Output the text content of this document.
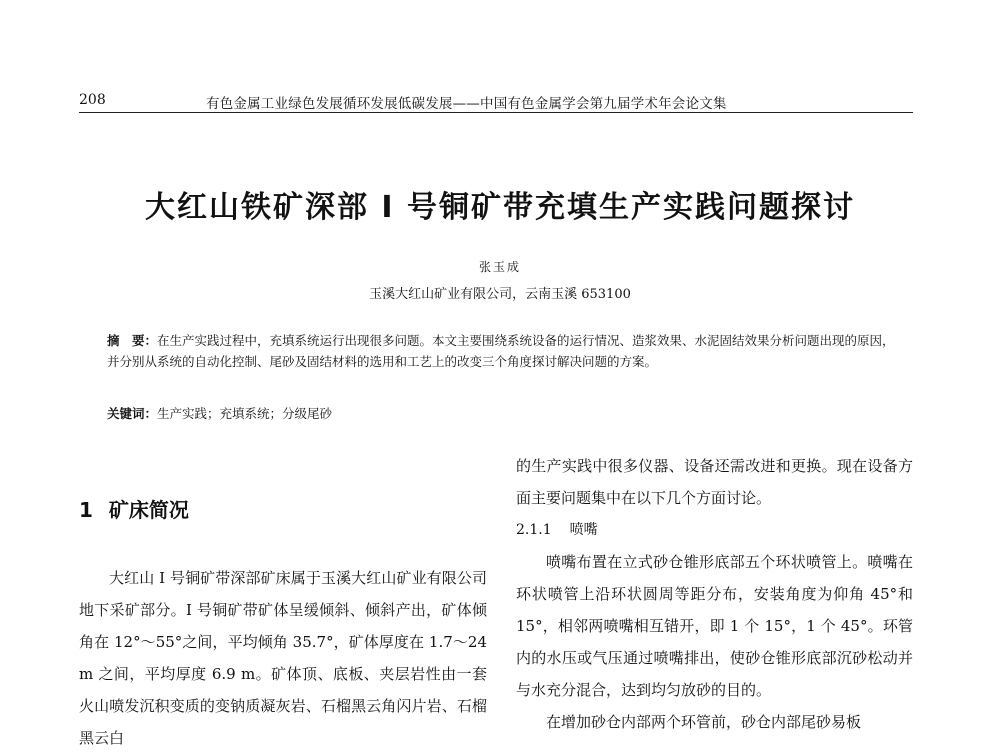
208	有色金属工业绿色发展循环发展低碳发展——中国有色金属学会第九届学术年会论文集
大红山铁矿深部 I 号铜矿带充填生产实践问题探讨
张玉成
玉溪大红山矿业有限公司，云南玉溪 653100
摘　要：在生产实践过程中，充填系统运行出现很多问题。本文主要围绕系统设备的运行情况、造浆效果、水泥固结效果分析问题出现的原因，并分别从系统的自动化控制、尾砂及固结材料的选用和工艺上的改变三个角度探讨解决问题的方案。
关键词：生产实践；充填系统；分级尾砂
1 矿床简况

大红山 I 号铜矿带深部矿床属于玉溪大红山矿业有限公司地下采矿部分。I 号铜矿带矿体呈缓倾斜、倾斜产出，矿体倾角在 12°～55°之间，平均倾角 35.7°，矿体厚度在 1.7～24 m 之间，平均厚度 6.9 m。矿体顶、底板、夹层岩性由一套火山喷发沉积变质的变钠质凝灰岩、石榴黑云角闪片岩、石榴黑云白

的生产实践中很多仪器、设备还需改进和更换。现在设备方面主要问题集中在以下几个方面讨论。

2.1.1 喷嘴

喷嘴布置在立式砂仓锥形底部五个环状喷管上。喷嘴在环状喷管上沿环状圆周等距分布，安装角度为仰角 45°和 15°，相邻两喷嘴相互错开，即 1 个 15°，1 个 45°。环管内的水压或气压通过喷嘴排出，使砂仓锥形底部沉砂松动并与水充分混合，达到均匀放砂的目的。

在增加砂仓内部两个环管前，砂仓内部尾砂易板
